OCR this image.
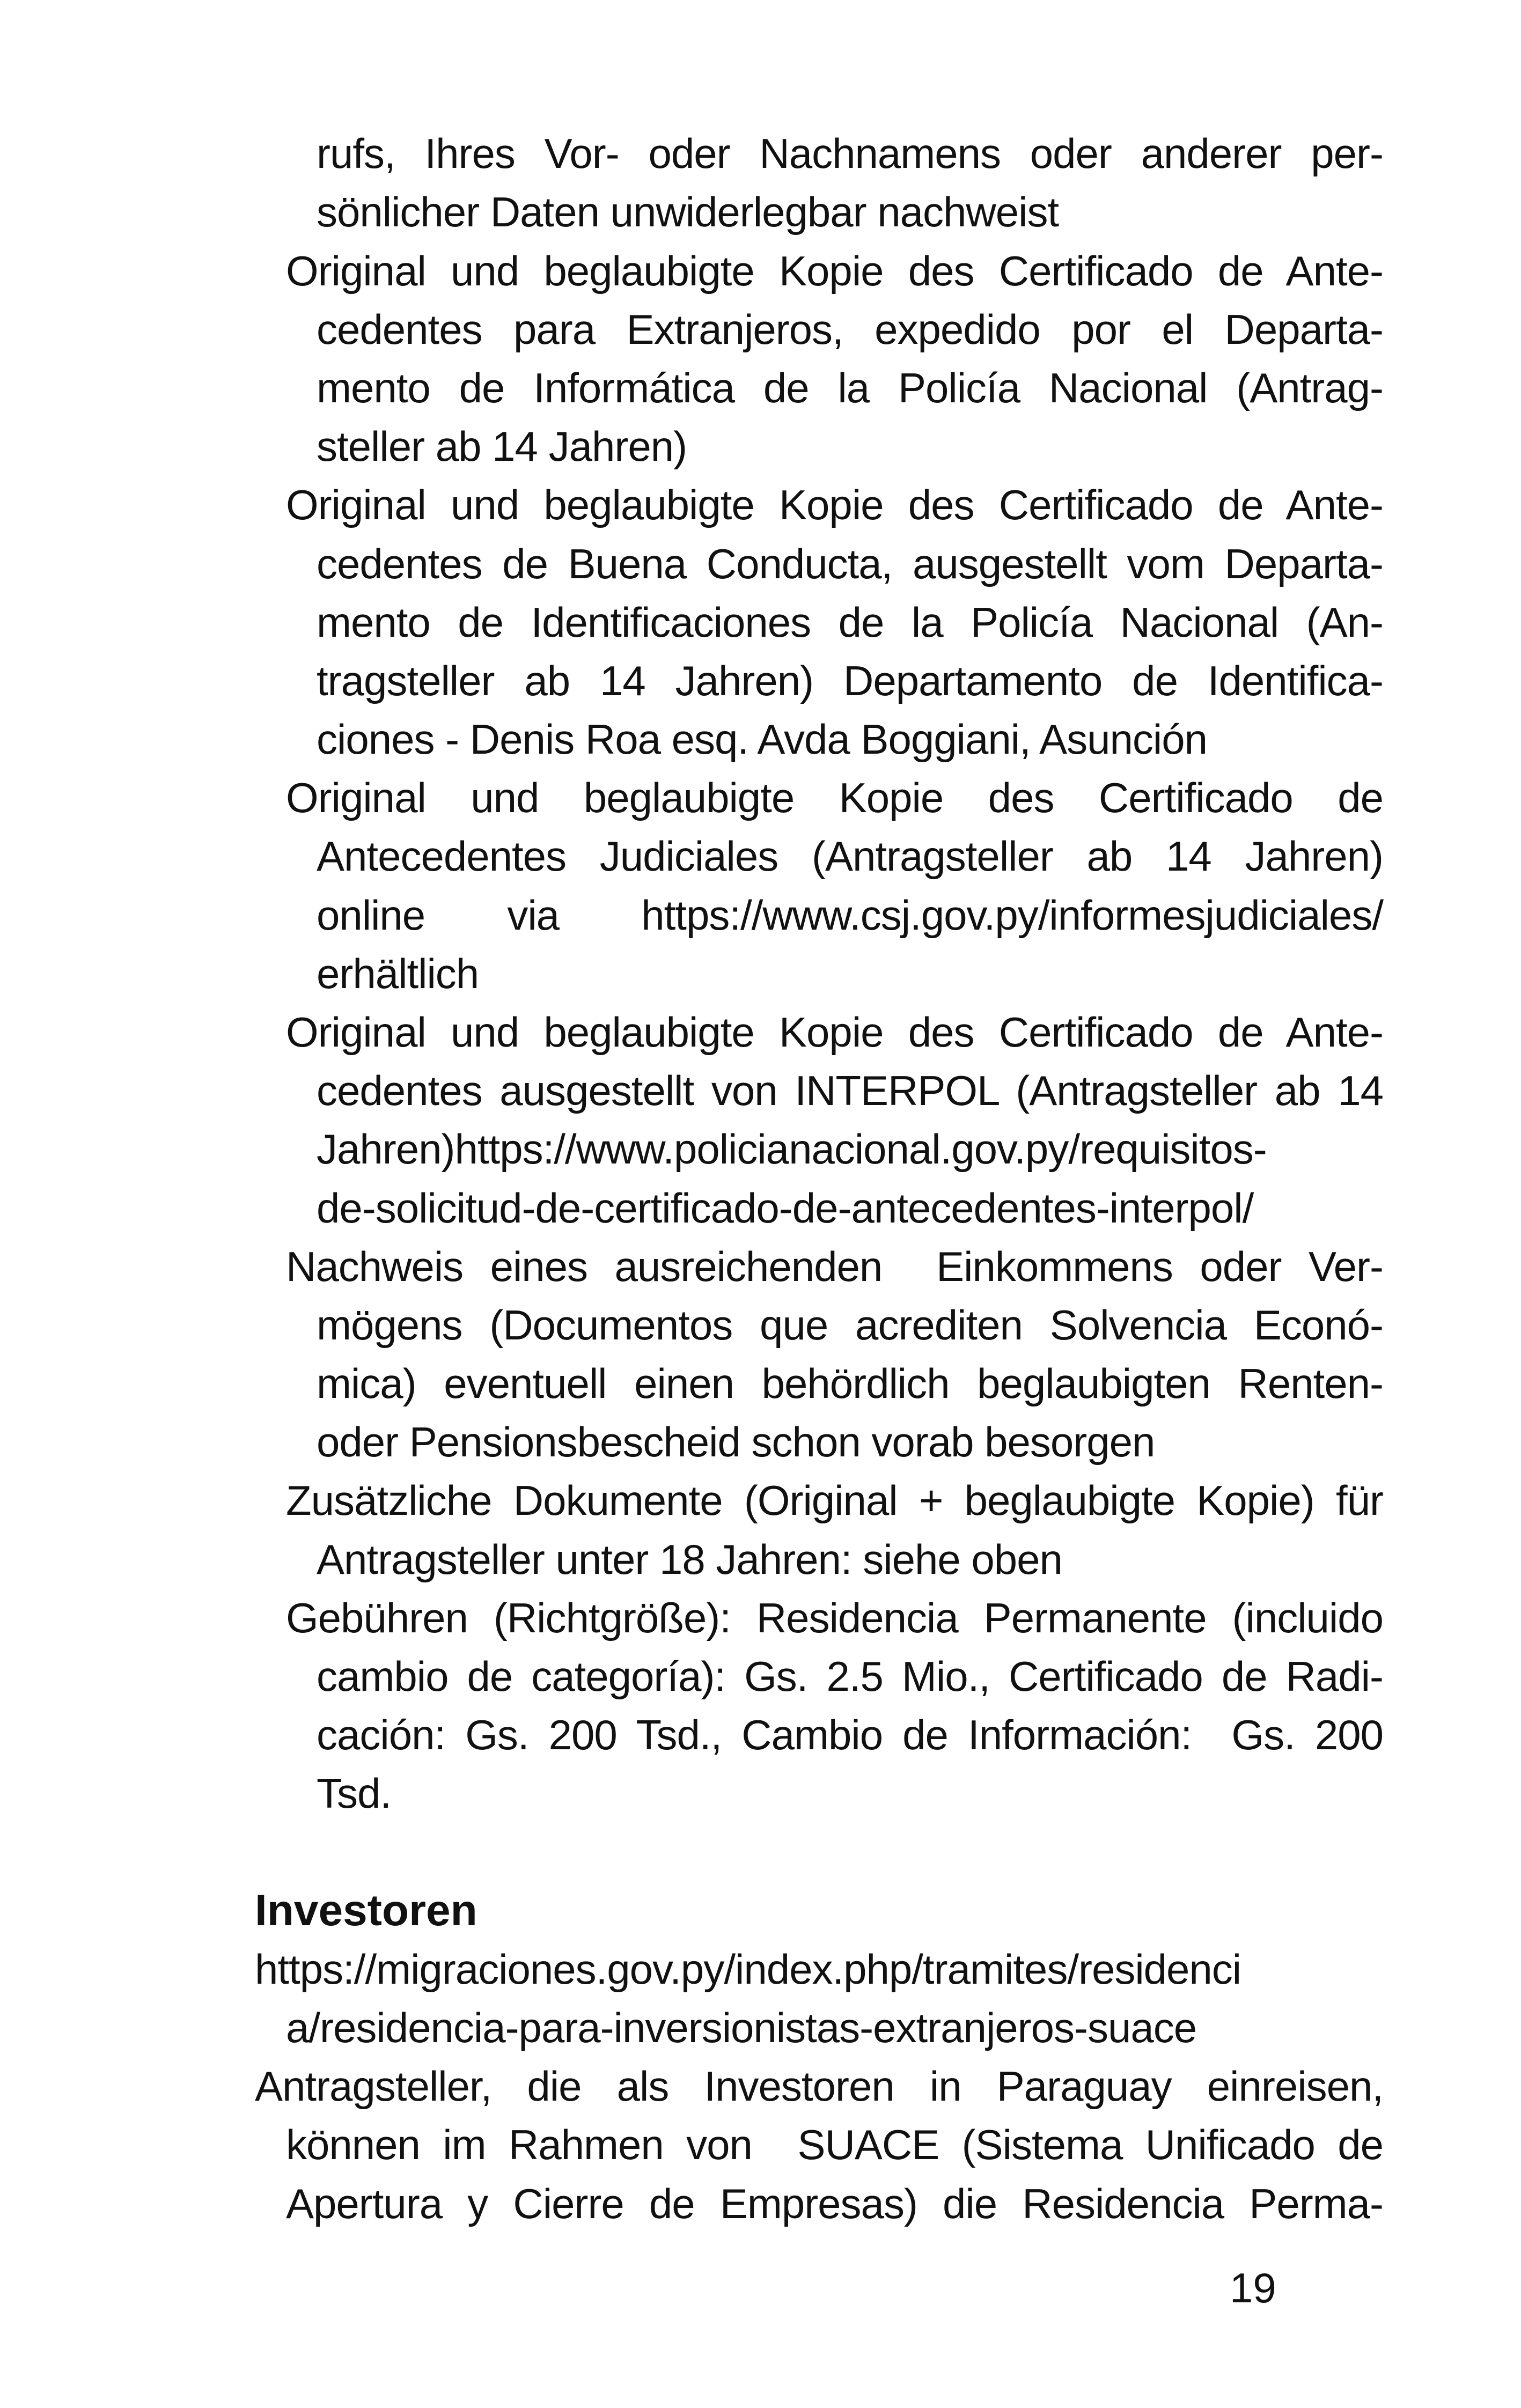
rufs, Ihres Vor- oder Nachnamens oder anderer per-
sönlicher Daten unwiderlegbar nachweist
Original und beglaubigte Kopie des Certificado de Ante-
cedentes para Extranjeros, expedido por el Departa-
mento de Informática de la Policía Nacional (Antrag-
steller ab 14 Jahren)
Original und beglaubigte Kopie des Certificado de Ante-
cedentes de Buena Conducta, ausgestellt vom Departa-
mento de Identificaciones de la Policía Nacional (An-
tragsteller ab 14 Jahren) Departamento de Identifica-
ciones - Denis Roa esq. Avda Boggiani, Asunción
Original und beglaubigte Kopie des Certificado de
Antecedentes Judiciales (Antragsteller ab 14 Jahren)
online via https://www.csj.gov.py/informesjudiciales/
erhältlich
Original und beglaubigte Kopie des Certificado de Ante-
cedentes ausgestellt von INTERPOL (Antragsteller ab 14
Jahren)https://www.policianacional.gov.py/requisitos-
de-solicitud-de-certificado-de-antecedentes-interpol/
Nachweis eines ausreichenden  Einkommens oder Ver-
mögens (Documentos que acrediten Solvencia Econó-
mica) eventuell einen behördlich beglaubigten Renten-
oder Pensionsbescheid schon vorab besorgen
Zusätzliche Dokumente (Original + beglaubigte Kopie) für
Antragsteller unter 18 Jahren: siehe oben
Gebühren (Richtgröße): Residencia Permanente (incluido
cambio de categoría): Gs. 2.5 Mio., Certificado de Radi-
cación: Gs. 200 Tsd., Cambio de Información:  Gs. 200
Tsd.
Investoren
https://migraciones.gov.py/index.php/tramites/residenci
a/residencia-para-inversionistas-extranjeros-suace
Antragsteller, die als Investoren in Paraguay einreisen,
können im Rahmen von  SUACE (Sistema Unificado de
Apertura y Cierre de Empresas) die Residencia Perma-
19
